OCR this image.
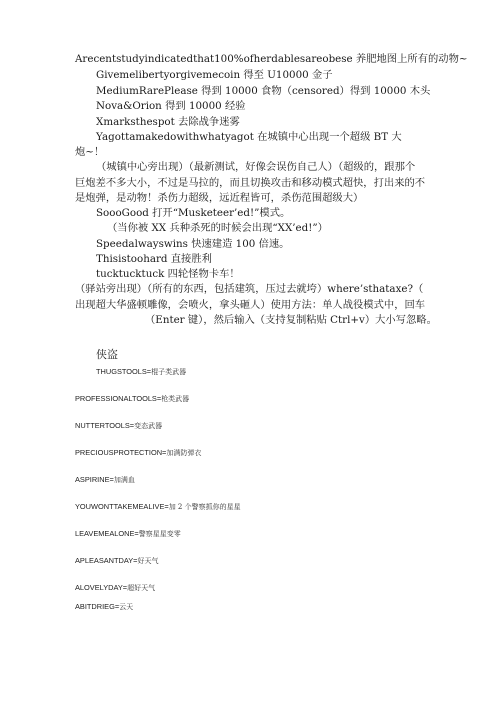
Arecentstudyindicatedthat100%ofherdablesareobese 养肥地图上所有的动物~
Givemelibertyorgivemecoin 得至 U10000 金子
MediumRarePlease 得到 10000 食物（censored）得到 10000 木头
Nova&Orion 得到 10000 经验
Xmarksthespot 去除战争迷雾
Yagottamakedowithwhatyagot 在城镇中心出现一个超级 BT 大
炮~！
（城镇中心旁出现）（最新测试，好像会误伤自己人）（超级的，跟那个
巨炮差不多大小，不过是马拉的，而且切换攻击和移动模式超快，打出来的不
是炮弹，是动物！杀伤力超级，远近程皆可，杀伤范围超级大）
SoooGood 打开“Musketeer’ed!”模式。
（当你被 XX 兵种杀死的时候会出现“XX’ed!”）
Speedalwayswins 快速建造 100 倍速。
Thisistoohard 直接胜利
tucktucktuck 四轮怪物卡车！
（驿站旁出现）（所有的东西，包括建筑，压过去就垮）where’sthataxe?（
出现超大华盛顿雕像，会喷火，拿头砸人）使用方法：单人战役模式中，回车
（Enter 键），然后输入（支持复制粘贴 Ctrl+v）大小写忽略。
侠盗
THUGSTOOLS=棍子类武器
PROFESSIONALTOOLS=枪类武器
NUTTERTOOLS=变态武器
PRECIOUSPROTECTION=加满防弹衣
ASPIRINE=加满血
YOUWONTTAKEMEALIVE=加 2 个警察抓你的星星
LEAVEMEALONE=警察星星变零
APLEASANTDAY=好天气
ALOVELYDAY=超好天气
ABITDRIEG=云天
